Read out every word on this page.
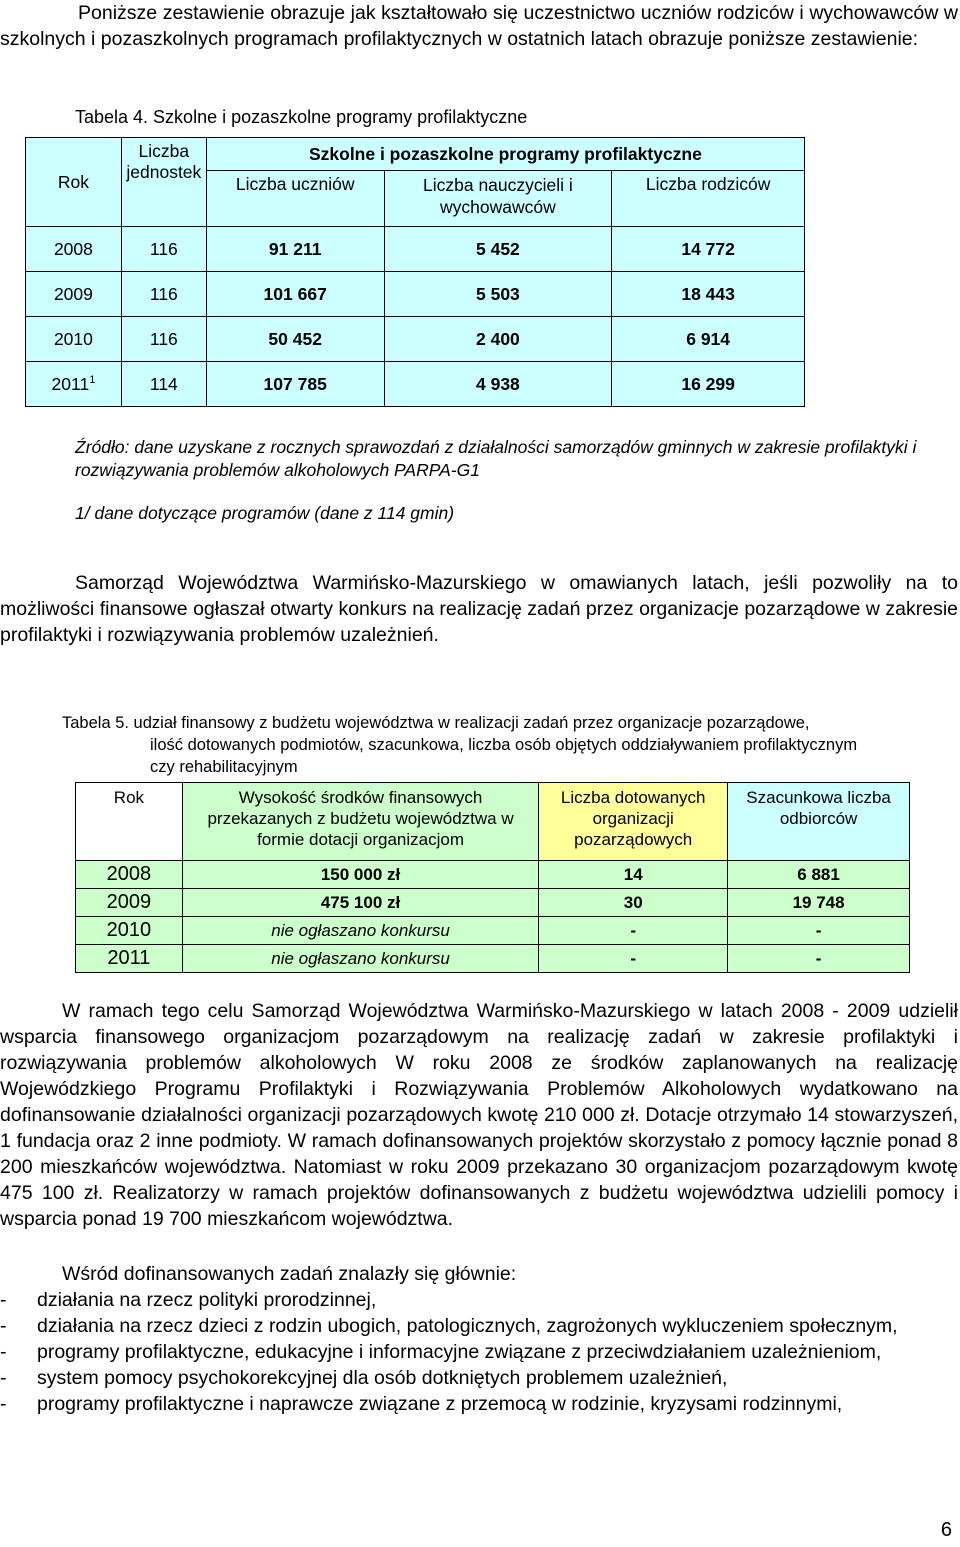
Poniższe zestawienie obrazuje jak kształtowało się uczestnictwo uczniów rodziców i wychowawców w szkolnych i pozaszkolnych programach profilaktycznych w ostatnich latach obrazuje poniższe zestawienie:
Tabela 4. Szkolne i pozaszkolne programy profilaktyczne
Rok	Liczba jednostek	Szkolne i pozaszkolne programy profilaktyczne		
		Liczba uczniów	Liczba nauczycieli i wychowawców	Liczba rodziców
2008	116	91 211	5 452	14 772
2009	116	101 667	5 503	18 443
2010	116	50 452	2 400	6 914
2011$^1$	114	107 785	4 938	16 299
Źródło: dane uzyskane z rocznych sprawozdań z działalności samorządów gminnych w zakresie profilaktyki i rozwiązywania problemów alkoholowych PARPA-G1
1/ dane dotyczące programów (dane z 114 gmin)
Samorząd Województwa Warmińsko-Mazurskiego w omawianych latach, jeśli pozwoliły na to możliwości finansowe ogłaszał otwarty konkurs na realizację zadań przez organizacje pozarządowe w zakresie profilaktyki i rozwiązywania problemów uzależnień.
Tabela 5. udział finansowy z budżetu województwa w realizacji zadań przez organizacje pozarządowe,
ilość dotowanych podmiotów, szacunkowa, liczba osób objętych oddziaływaniem profilaktycznym
czy rehabilitacyjnym
Rok	Wysokość środków finansowych przekazanych z budżetu województwa w formie dotacji organizacjom	Liczba dotowanych organizacji pozarządowych	Szacunkowa liczba odbiorców
2008	150 000 zł	14	6 881
2009	475 100 zł	30	19 748
2010	nie ogłaszano konkursu	-	-
2011	nie ogłaszano konkursu	-	-
W ramach tego celu Samorząd Województwa Warmińsko-Mazurskiego w latach 2008 - 2009 udzielił wsparcia finansowego organizacjom pozarządowym na realizację zadań w zakresie profilaktyki i rozwiązywania problemów alkoholowych W roku 2008 ze środków zaplanowanych na realizację Wojewódzkiego Programu Profilaktyki i Rozwiązywania Problemów Alkoholowych wydatkowano na dofinansowanie działalności organizacji pozarządowych kwotę 210 000 zł. Dotacje otrzymało 14 stowarzyszeń, 1 fundacja oraz 2 inne podmioty. W ramach dofinansowanych projektów skorzystało z pomocy łącznie ponad 8 200 mieszkańców województwa. Natomiast w roku 2009 przekazano 30 organizacjom pozarządowym kwotę 475 100 zł. Realizatorzy w ramach projektów dofinansowanych z budżetu województwa udzielili pomocy i wsparcia ponad 19 700 mieszkańcom województwa.
Wśród dofinansowanych zadań znalazły się głównie:
- działania na rzecz polityki prorodzinnej,
- działania na rzecz dzieci z rodzin ubogich, patologicznych, zagrożonych wykluczeniem społecznym,
- programy profilaktyczne, edukacyjne i informacyjne związane z przeciwdziałaniem uzależnieniom,
- system pomocy psychokorekcyjnej dla osób dotkniętych problemem uzależnień,
- programy profilaktyczne i naprawcze związane z przemocą w rodzinie, kryzysami rodzinnymi,
6
